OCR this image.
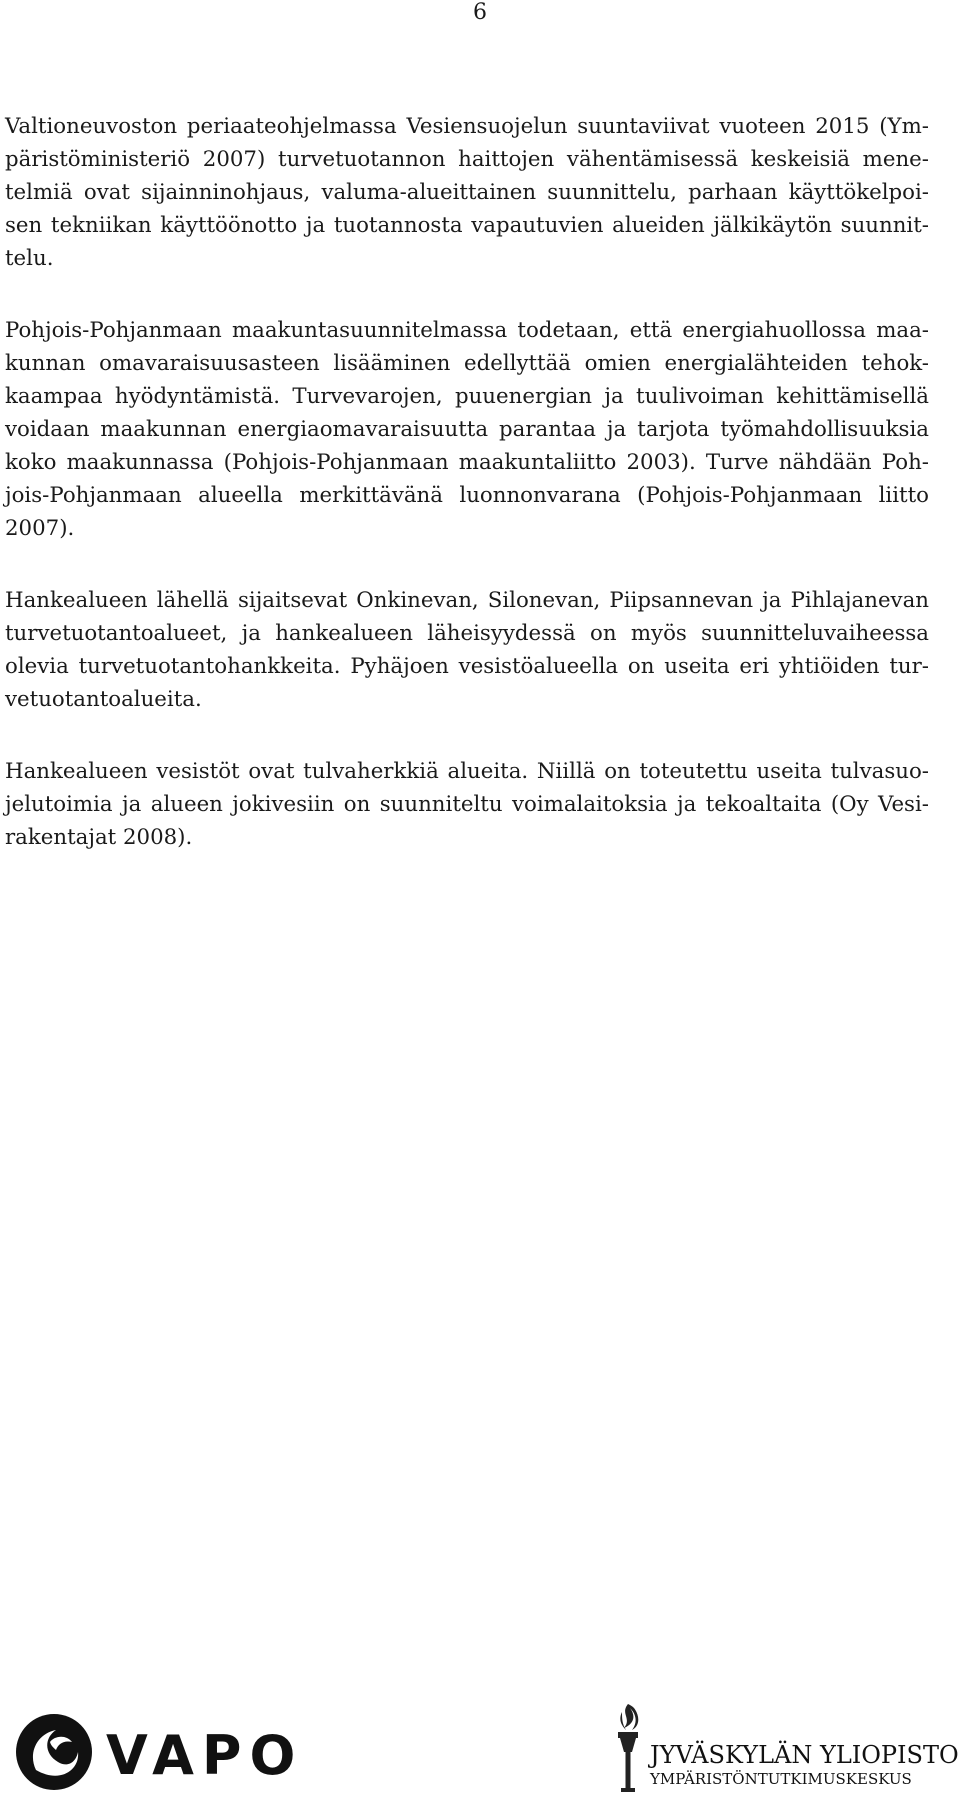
6

Valtioneuvoston periaateohjelmassa Vesiensuojelun suuntaviivat vuoteen 2015 (Ym-
päristöministeriö 2007) turvetuotannon haittojen vähentämisessä keskeisiä mene-
telmiä ovat sijainninohjaus, valuma-alueittainen suunnittelu, parhaan käyttökelpoi-
sen tekniikan käyttöönotto ja tuotannosta vapautuvien alueiden jälkikäytön suunnit-
telu.

Pohjois-Pohjanmaan maakuntasuunnitelmassa todetaan, että energiahuollossa maa-
kunnan omavaraisuusasteen lisääminen edellyttää omien energialähteiden tehok-
kaampaa hyödyntämistä. Turvevarojen, puuenergian ja tuulivoiman kehittämisellä
voidaan maakunnan energiaomavaraisuutta parantaa ja tarjota työmahdollisuuksia
koko maakunnassa (Pohjois-Pohjanmaan maakuntaliitto 2003). Turve nähdään Poh-
jois-Pohjanmaan alueella merkittävänä luonnonvarana (Pohjois-Pohjanmaan liitto
2007).

Hankealueen lähellä sijaitsevat Onkinevan, Silonevan, Piipsannevan ja Pihlajanevan
turvetuotantoalueet, ja hankealueen läheisyydessä on myös suunnitteluvaiheessa
olevia turvetuotantohankkeita. Pyhäjoen vesistöalueella on useita eri yhtiöiden tur-
vetuotantoalueita.

Hankealueen vesistöt ovat tulvaherkkiä alueita. Niillä on toteutettu useita tulvasuo-
jelutoimia ja alueen jokivesiin on suunniteltu voimalaitoksia ja tekoaltaita (Oy Vesi-
rakentajat 2008).

VAPO	JYVÄSKYLÄN YLIOPISTO
YMPÄRISTÖNTUTKIMUSKESKUS
